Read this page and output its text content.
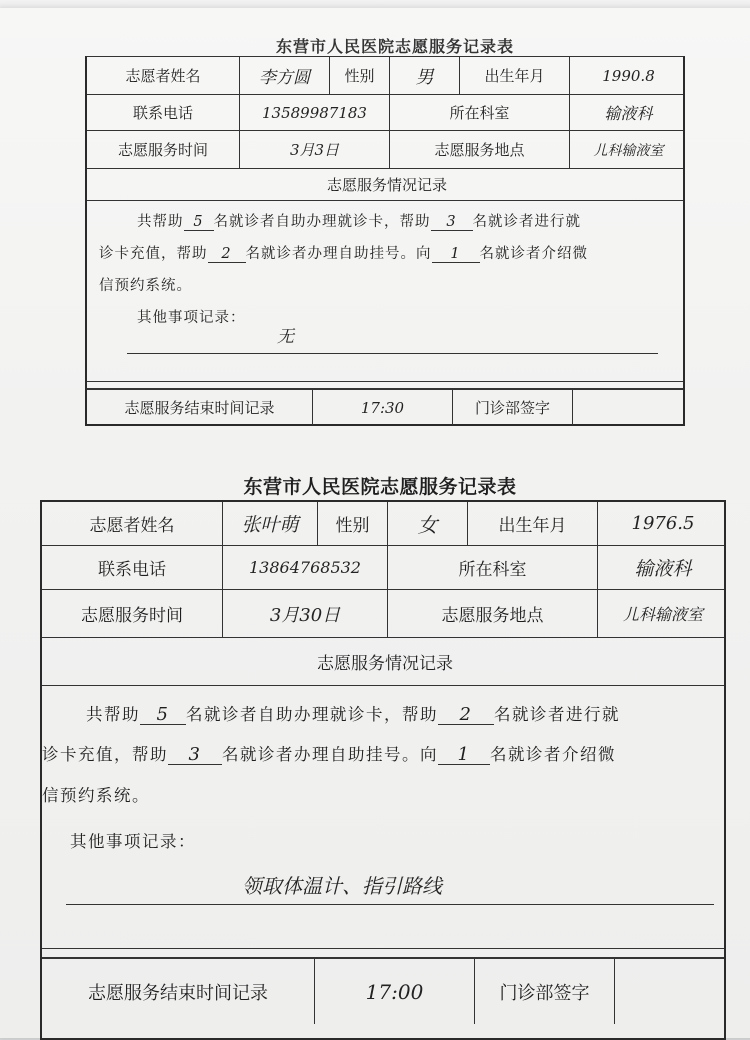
东营市人民医院志愿服务记录表
志愿者姓名	李方圆	性别	男	出生年月	1990.8
联系电话	13589987183	所在科室	输液科
志愿服务时间	3月3日	志愿服务地点	儿科输液室
志愿服务情况记录
共帮助 5 名就诊者自助办理就诊卡，帮助 3 名就诊者进行就
诊卡充值，帮助 2 名就诊者办理自助挂号。向 1 名就诊者介绍微
信预约系统。
其他事项记录：
无
志愿服务结束时间记录	17:30	门诊部签字
东营市人民医院志愿服务记录表
志愿者姓名	张叶萌	性别	女	出生年月	1976.5
联系电话	13864768532	所在科室	输液科
志愿服务时间	3月30日	志愿服务地点	儿科输液室
志愿服务情况记录
共帮助 5 名就诊者自助办理就诊卡，帮助 2 名就诊者进行就
诊卡充值，帮助 3 名就诊者办理自助挂号。向 1 名就诊者介绍微
信预约系统。
其他事项记录：
领取体温计、指引路线
志愿服务结束时间记录	17:00	门诊部签字
